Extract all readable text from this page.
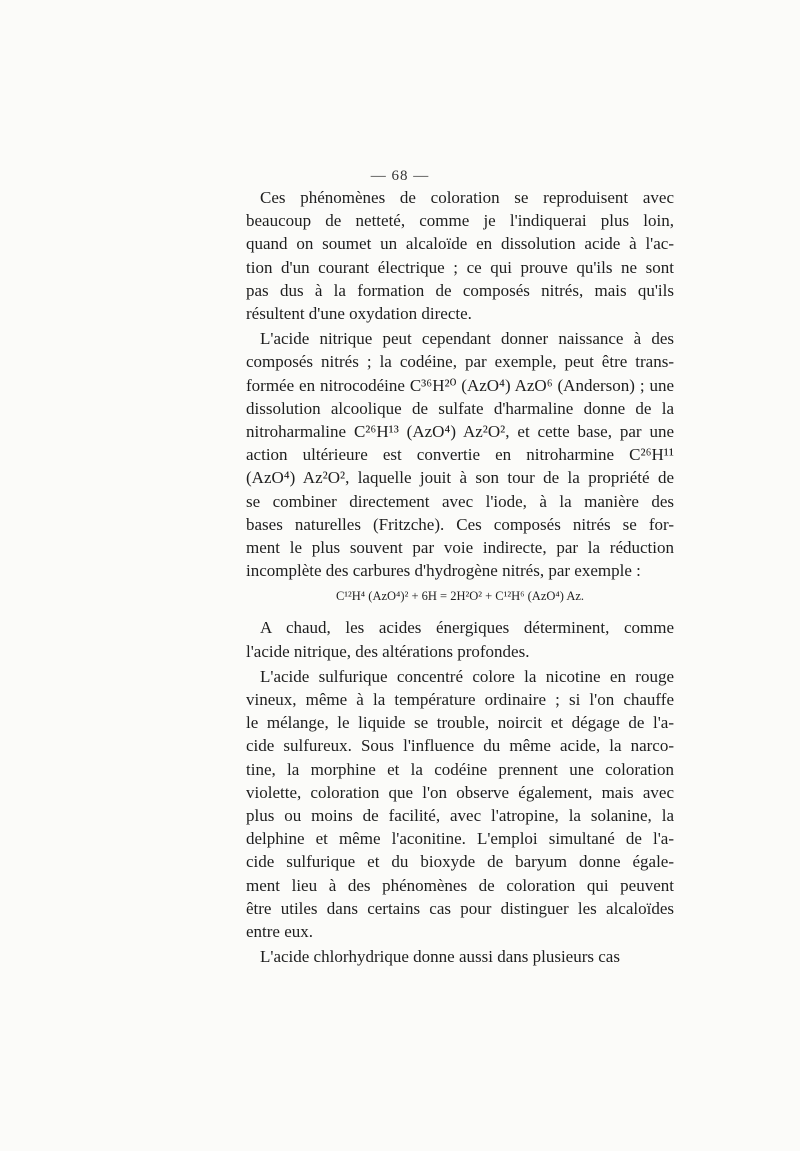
— 68 —
Ces phénomènes de coloration se reproduisent avec
beaucoup de netteté, comme je l'indiquerai plus loin,
quand on soumet un alcaloïde en dissolution acide à l'ac-
tion d'un courant électrique ; ce qui prouve qu'ils ne sont
pas dus à la formation de composés nitrés, mais qu'ils
résultent d'une oxydation directe.
L'acide nitrique peut cependant donner naissance à des
composés nitrés ; la codéine, par exemple, peut être trans-
formée en nitrocodéine C³⁶H²⁰ (AzO⁴) AzO⁶ (Anderson) ; une
dissolution alcoolique de sulfate d'harmaline donne de la
nitroharmaline C²⁶H¹³ (AzO⁴) Az²O², et cette base, par une
action ultérieure est convertie en nitroharmine C²⁶H¹¹
(AzO⁴) Az²O², laquelle jouit à son tour de la propriété de
se combiner directement avec l'iode, à la manière des
bases naturelles (Fritzche). Ces composés nitrés se for-
ment le plus souvent par voie indirecte, par la réduction
incomplète des carbures d'hydrogène nitrés, par exemple :
C¹²H⁴ (AzO⁴)² + 6H = 2H²O² + C¹²H⁶ (AzO⁴) Az.
A chaud, les acides énergiques déterminent, comme
l'acide nitrique, des altérations profondes.
L'acide sulfurique concentré colore la nicotine en rouge
vineux, même à la température ordinaire ; si l'on chauffe
le mélange, le liquide se trouble, noircit et dégage de l'a-
cide sulfureux. Sous l'influence du même acide, la narco-
tine, la morphine et la codéine prennent une coloration
violette, coloration que l'on observe également, mais avec
plus ou moins de facilité, avec l'atropine, la solanine, la
delphine et même l'aconitine. L'emploi simultané de l'a-
cide sulfurique et du bioxyde de baryum donne égale-
ment lieu à des phénomènes de coloration qui peuvent
être utiles dans certains cas pour distinguer les alcaloïdes
entre eux.
L'acide chlorhydrique donne aussi dans plusieurs cas
